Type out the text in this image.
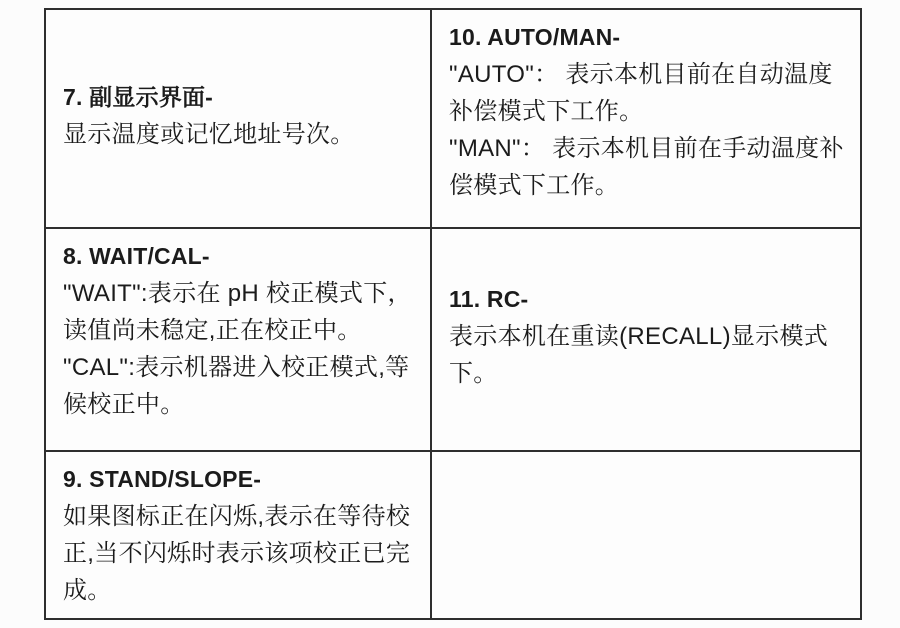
7. 副显示界面-
显示温度或记忆地址号次。
10. AUTO/MAN-
"AUTO"： 表示本机目前在自动温度补偿模式下工作。
"MAN"： 表示本机目前在手动温度补偿模式下工作。
8. WAIT/CAL-
"WAIT":表示在 pH 校正模式下， 读值尚未稳定,正在校正中。
"CAL":表示机器进入校正模式,等候校正中。
11. RC-
表示本机在重读(RECALL)显示模式下。
9. STAND/SLOPE-
如果图标正在闪烁,表示在等待校正,当不闪烁时表示该项校正已完成。
